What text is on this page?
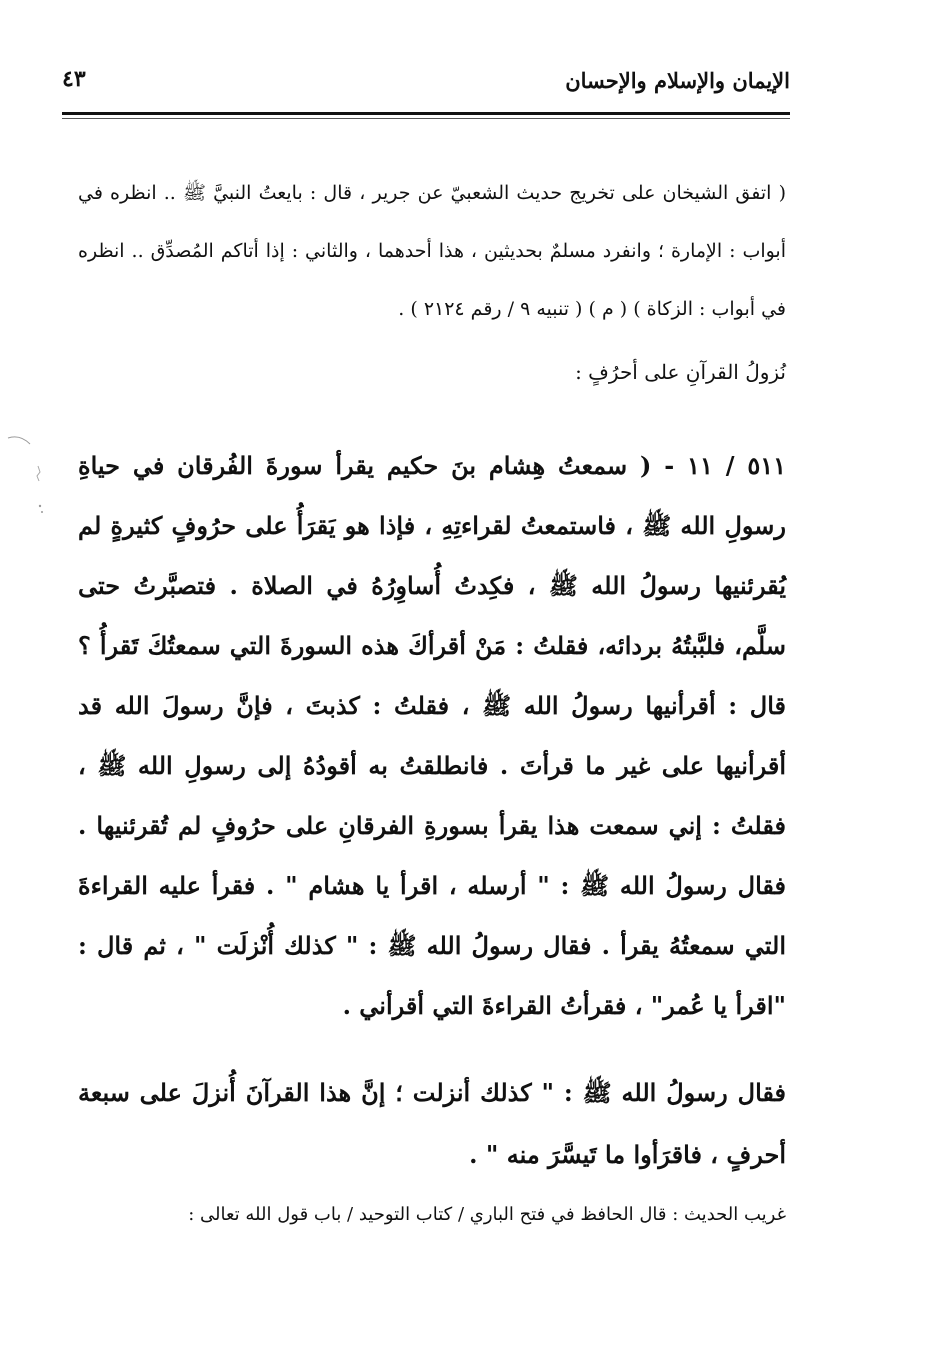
الإيمان والإسلام والإحسان
٤٣
( اتفق الشيخان على تخريج حديث الشعبيّ عن جرير ، قال : بايعتُ النبيَّ ﷺ .. انظره في أبواب : الإمارة ؛ وانفرد مسلمٌ بحديثين ، هذا أحدهما ، والثاني : إذا أتاكم المُصدِّق .. انظره في أبواب : الزكاة ) ( م ) ( تنبيه ٩ / رقم ٢١٢٤ ) .
نُزولُ القرآنِ على أحرُفٍ :
٥١١ / ١١ - ( سمعتُ هِشام بنَ حكيم يقرأ سورةَ الفُرقان في حياةِ رسولِ الله ﷺ ، فاستمعتُ لقراءتِهِ ، فإذا هو يَقرَأُ على حرُوفٍ كثيرةٍ لم يُقرئنيها رسولُ الله ﷺ ، فكِدتُ أُساوِرُهُ في الصلاة . فتصبَّرتُ حتى سلَّم، فلبَّبتُهُ بردائه، فقلتُ : مَنْ أقرأكَ هذه السورةَ التي سمعتُكَ تَقرأُ ؟ قال : أقرأنيها رسولُ الله ﷺ ، فقلتُ : كذبتَ ، فإنَّ رسولَ الله قد أقرأنيها على غير ما قرأتَ . فانطلقتُ به أقودُهُ إلى رسولِ الله ﷺ ، فقلتُ : إني سمعت هذا يقرأ بسورةِ الفرقانِ على حرُوفٍ لم تُقرئنيها . فقال رسولُ الله ﷺ : " أرسله ، اقرأ يا هشام " . فقرأ عليه القراءةَ التي سمعتُهُ يقرأ . فقال رسولُ الله ﷺ : " كذلك أُنْزلَت " ، ثم قال : "اقرأ يا عُمر" ، فقرأتُ القراءةَ التي أقرأني .
فقال رسولُ الله ﷺ : " كذلك أنزلت ؛ إنَّ هذا القرآنَ أُنزلَ على سبعة أحرفٍ ، فاقرَأوا ما تَيسَّرَ منه " .
غريب الحديث : قال الحافظ في فتح الباري / كتاب التوحيد / باب قول الله تعالى :
